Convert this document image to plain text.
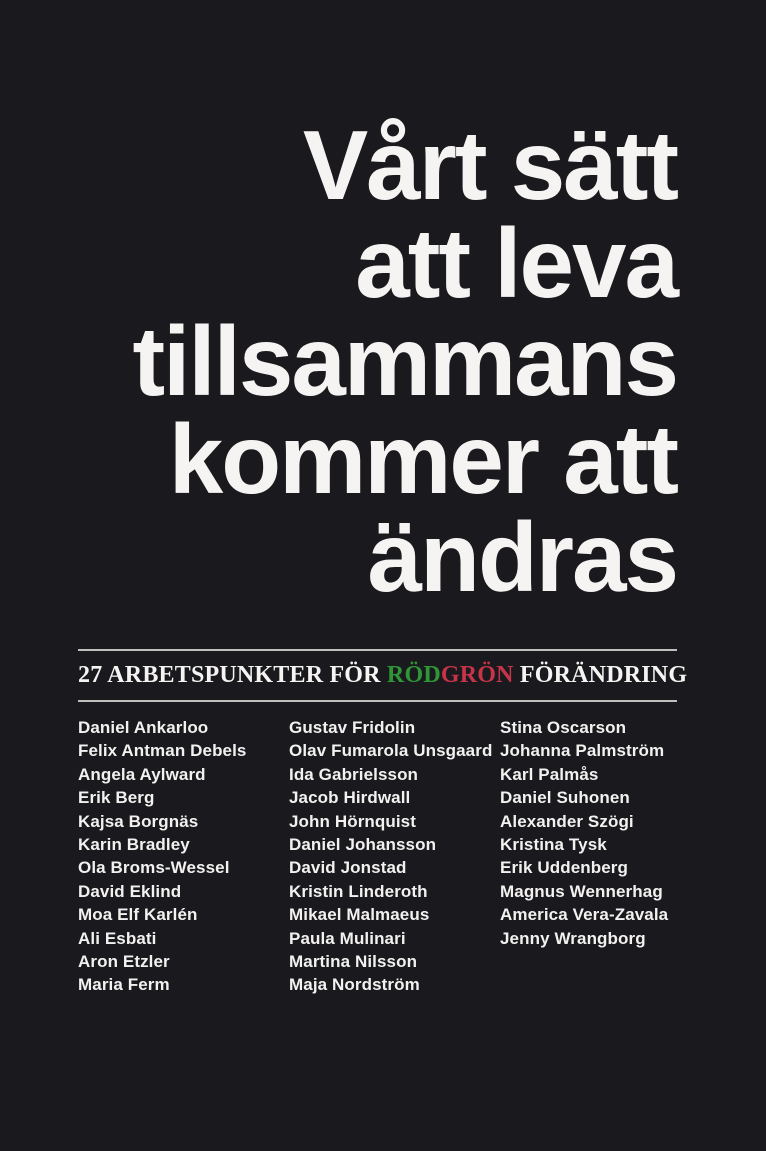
Vårt sätt
att leva
tillsammans
kommer att
ändras
27 ARBETSPUNKTER FÖR RÖDGRÖN FÖRÄNDRING
Daniel Ankarloo
Felix Antman Debels
Angela Aylward
Erik Berg
Kajsa Borgnäs
Karin Bradley
Ola Broms-Wessel
David Eklind
Moa Elf Karlén
Ali Esbati
Aron Etzler
Maria Ferm
Gustav Fridolin
Olav Fumarola Unsgaard
Ida Gabrielsson
Jacob Hirdwall
John Hörnquist
Daniel Johansson
David Jonstad
Kristin Linderoth
Mikael Malmaeus
Paula Mulinari
Martina Nilsson
Maja Nordström
Stina Oscarson
Johanna Palmström
Karl Palmås
Daniel Suhonen
Alexander Szögi
Kristina Tysk
Erik Uddenberg
Magnus Wennerhag
America Vera-Zavala
Jenny Wrangborg
